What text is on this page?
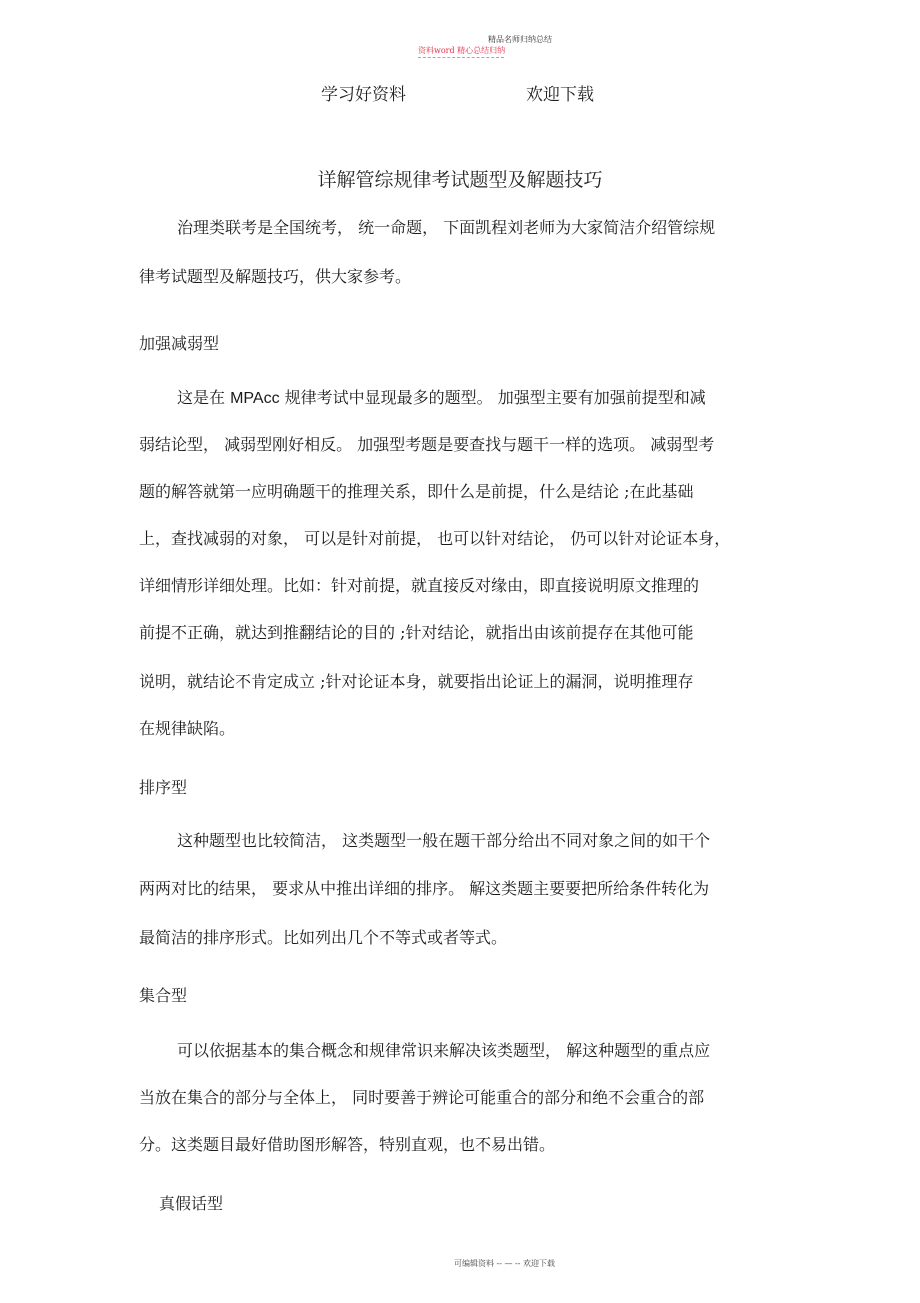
精品名师归纳总结
资料word 精心总结归纳
学习好资料	欢迎下载
详解管综规律考试题型及解题技巧
治理类联考是全国统考， 统一命题， 下面凯程刘老师为大家简洁介绍管综规
律考试题型及解题技巧，供大家参考。
加强减弱型
这是在 MPAcc 规律考试中显现最多的题型。 加强型主要有加强前提型和减
弱结论型， 减弱型刚好相反。 加强型考题是要查找与题干一样的选项。 减弱型考
题的解答就第一应明确题干的推理关系，即什么是前提，什么是结论 ;在此基础
上，查找减弱的对象， 可以是针对前提， 也可以针对结论， 仍可以针对论证本身，
详细情形详细处理。比如：针对前提，就直接反对缘由，即直接说明原文推理的
前提不正确，就达到推翻结论的目的 ;针对结论，就指出由该前提存在其他可能
说明，就结论不肯定成立 ;针对论证本身，就要指出论证上的漏洞，说明推理存
在规律缺陷。
排序型
这种题型也比较简洁， 这类题型一般在题干部分给出不同对象之间的如干个
两两对比的结果， 要求从中推出详细的排序。 解这类题主要要把所给条件转化为
最简洁的排序形式。比如列出几个不等式或者等式。
集合型
可以依据基本的集合概念和规律常识来解决该类题型， 解这种题型的重点应
当放在集合的部分与全体上， 同时要善于辨论可能重合的部分和绝不会重合的部
分。这类题目最好借助图形解答，特别直观，也不易出错。
真假话型
可编辑资料 -- — -- 欢迎下载
